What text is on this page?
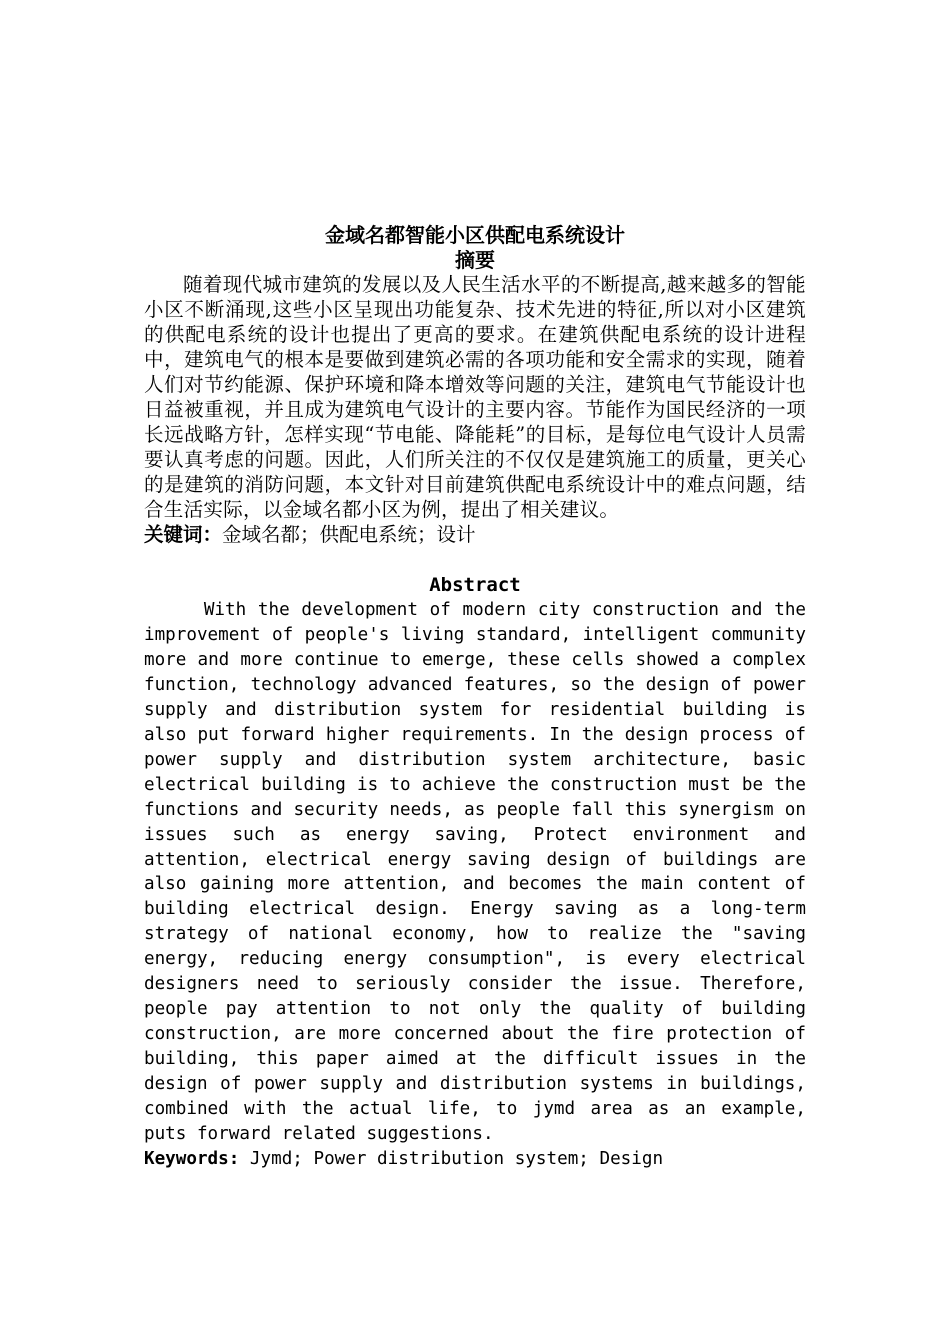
金域名都智能小区供配电系统设计
摘要

随着现代城市建筑的发展以及人民生活水平的不断提高,越来越多的智能小区不断涌现,这些小区呈现出功能复杂、技术先进的特征,所以对小区建筑的供配电系统的设计也提出了更高的要求。在建筑供配电系统的设计进程中，建筑电气的根本是要做到建筑必需的各项功能和安全需求的实现，随着人们对节约能源、保护环境和降本增效等问题的关注，建筑电气节能设计也日益被重视，并且成为建筑电气设计的主要内容。节能作为国民经济的一项长远战略方针，怎样实现“节电能、降能耗”的目标，是每位电气设计人员需要认真考虑的问题。因此，人们所关注的不仅仅是建筑施工的质量，更关心的是建筑的消防问题，本文针对目前建筑供配电系统设计中的难点问题，结合生活实际，以金域名都小区为例，提出了相关建议。

关键词：金域名都；供配电系统；设计

Abstract

With the development of modern city construction and the improvement of people's living standard, intelligent community more and more continue to emerge, these cells showed a complex function, technology advanced features, so the design of power supply and distribution system for residential building is also put forward higher requirements. In the design process of power supply and distribution system architecture, basic electrical building is to achieve the construction must be the functions and security needs, as people fall this synergism on issues such as energy saving, Protect environment and attention, electrical energy saving design of buildings are also gaining more attention, and becomes the main content of building electrical design. Energy saving as a long-term strategy of national economy, how to realize the "saving energy, reducing energy consumption", is every electrical designers need to seriously consider the issue. Therefore, people pay attention to not only the quality of building construction, are more concerned about the fire protection of building, this paper aimed at the difficult issues in the design of power supply and distribution systems in buildings, combined with the actual life, to jymd area as an example, puts forward related suggestions.

Keywords: Jymd; Power distribution system; Design
